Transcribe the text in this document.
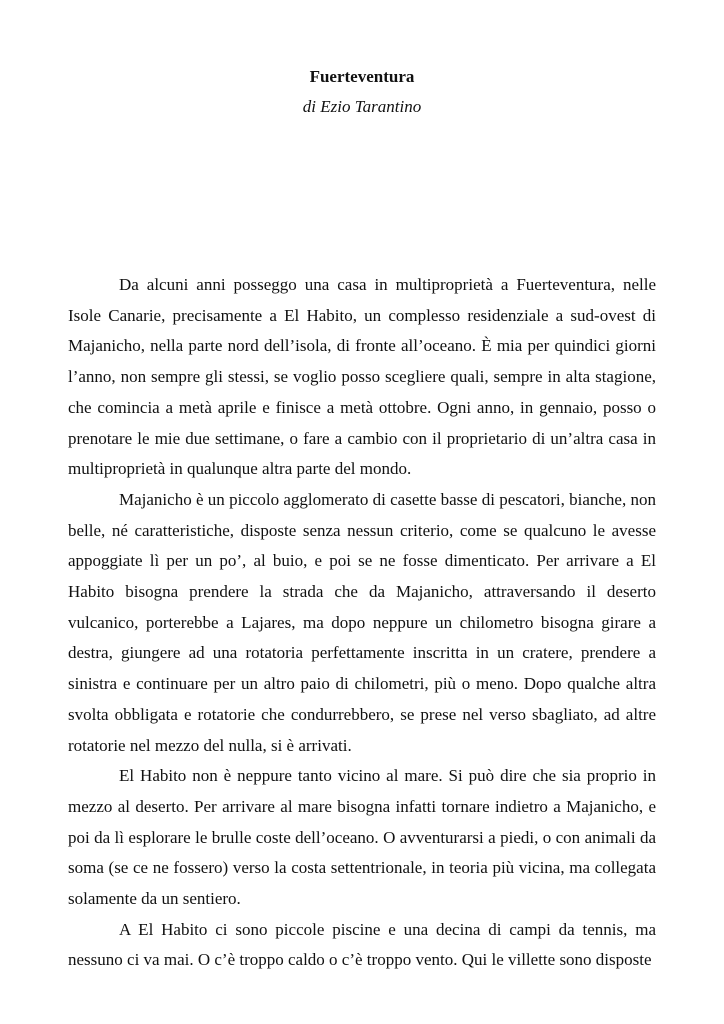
Fuerteventura
di Ezio Tarantino

Da alcuni anni posseggo una casa in multiproprietà a Fuerteventura, nelle Isole Canarie, precisamente a El Habito, un complesso residenziale a sud-ovest di Majanicho, nella parte nord dell’isola, di fronte all’oceano. È mia per quindici giorni l’anno, non sempre gli stessi, se voglio posso scegliere quali, sempre in alta stagione, che comincia a metà aprile e finisce a metà ottobre. Ogni anno, in gennaio, posso o prenotare le mie due settimane, o fare a cambio con il proprietario di un’altra casa in multiproprietà in qualunque altra parte del mondo.

Majanicho è un piccolo agglomerato di casette basse di pescatori, bianche, non belle, né caratteristiche, disposte senza nessun criterio, come se qualcuno le avesse appoggiate lì per un po’, al buio, e poi se ne fosse dimenticato. Per arrivare a El Habito bisogna prendere la strada che da Majanicho, attraversando il deserto vulcanico, porterebbe a Lajares, ma dopo neppure un chilometro bisogna girare a destra, giungere ad una rotatoria perfettamente inscritta in un cratere, prendere a sinistra e continuare per un altro paio di chilometri, più o meno. Dopo qualche altra svolta obbligata e rotatorie che condurrebbero, se prese nel verso sbagliato, ad altre rotatorie nel mezzo del nulla, si è arrivati.

El Habito non è neppure tanto vicino al mare. Si può dire che sia proprio in mezzo al deserto. Per arrivare al mare bisogna infatti tornare indietro a Majanicho, e poi da lì esplorare le brulle coste dell’oceano. O avventurarsi a piedi, o con animali da soma (se ce ne fossero) verso la costa settentrionale, in teoria più vicina, ma collegata solamente da un sentiero.

A El Habito ci sono piccole piscine e una decina di campi da tennis, ma nessuno ci va mai. O c’è troppo caldo o c’è troppo vento. Qui le villette sono disposte
